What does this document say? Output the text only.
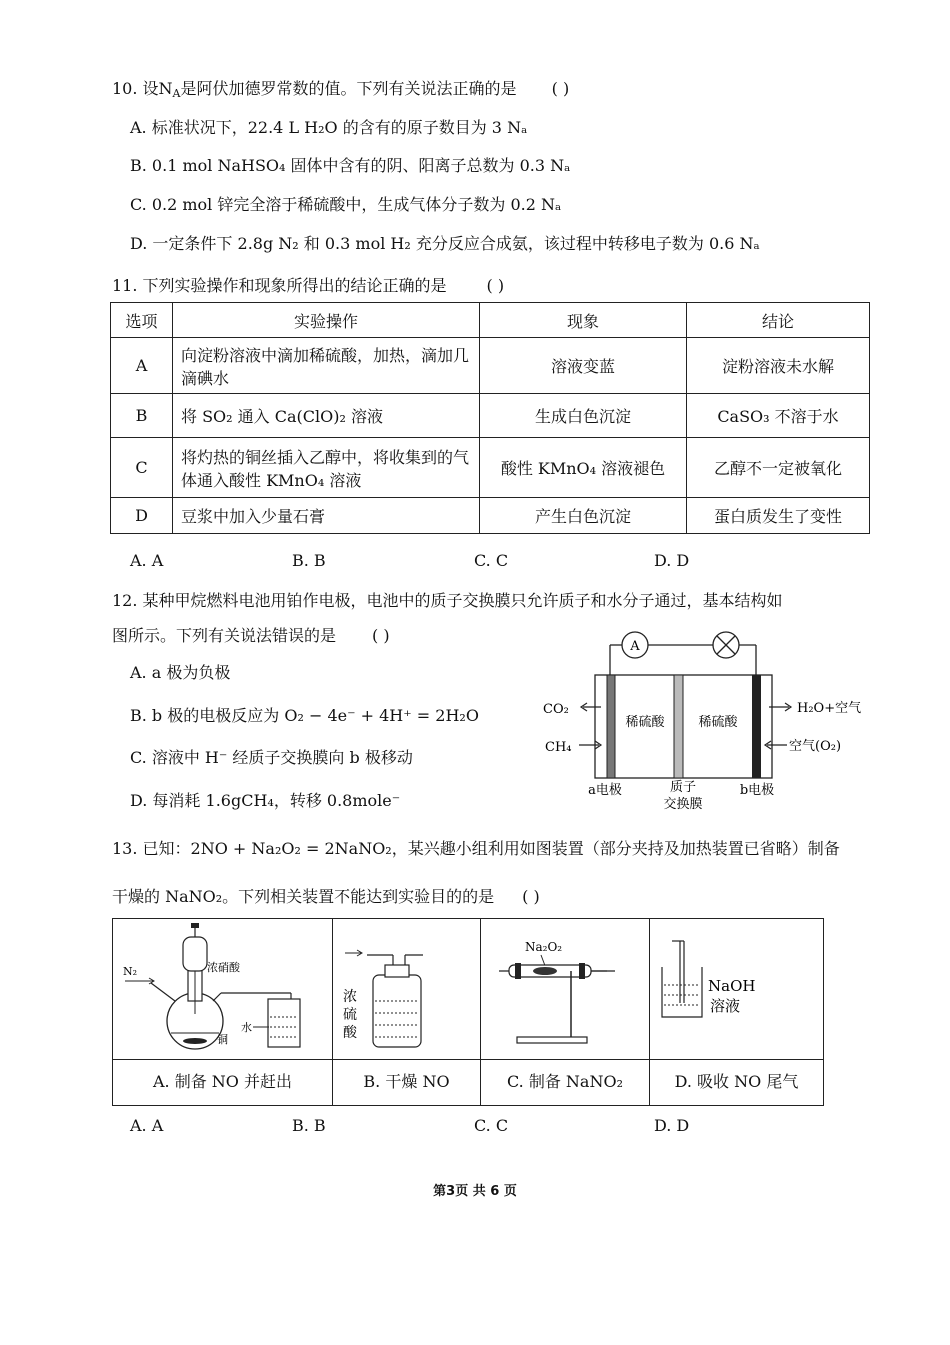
10. 设$N_A$是阿伏加德罗常数的值。下列有关说法正确的是 ( )
A. 标准状况下，22.4 L H₂O 的含有的原子数目为 3 Nₐ
B. 0.1 mol NaHSO₄ 固体中含有的阴、阳离子总数为 0.3 Nₐ
C. 0.2 mol 锌完全溶于稀硫酸中，生成气体分子数为 0.2 Nₐ
D. 一定条件下 2.8g N₂ 和 0.3 mol H₂ 充分反应合成氨，该过程中转移电子数为 0.6 Nₐ
11. 下列实验操作和现象所得出的结论正确的是	( )
选项	实验操作	现象	结论
A	向淀粉溶液中滴加稀硫酸，加热，滴加几滴碘水	溶液变蓝	淀粉溶液未水解
B	将 SO₂ 通入 Ca(ClO)₂ 溶液	生成白色沉淀	CaSO₃ 不溶于水
C	将灼热的铜丝插入乙醇中，将收集到的气体通入酸性 KMnO₄ 溶液	酸性 KMnO₄ 溶液褪色	乙醇不一定被氧化
D	豆浆中加入少量石膏	产生白色沉淀	蛋白质发生了变性
A. A	B. B	C. C	D. D
12. 某种甲烷燃料电池用铂作电极，电池中的质子交换膜只允许质子和水分子通过，基本结构如
图所示。下列有关说法错误的是 ( )
A. a 极为负极
B. b 极的电极反应为 O₂ − 4e⁻ + 4H⁺ = 2H₂O
C. 溶液中 H⁻ 经质子交换膜向 b 极移动
D. 每消耗 1.6gCH₄，转移 0.8mole⁻
A
稀硫酸	稀硫酸
CO₂
CH₄
H₂O+空气
空气(O₂)
a电极	质子
交换膜
b电极
13. 已知：2NO + Na₂O₂ = 2NaNO₂，某兴趣小组利用如图装置（部分夹持及加热装置已省略）制备
干燥的 NaNO₂。下列相关装置不能达到实验目的的是 ( )
N₂	浓硝酸
水
铜
A. 制备 NO 并赶出
浓
硫
酸
B. 干燥 NO
Na₂O₂
C. 制备 NaNO₂
NaOH
溶液
D. 吸收 NO 尾气
A. A	B. B	C. C	D. D
第3页 共 6 页
